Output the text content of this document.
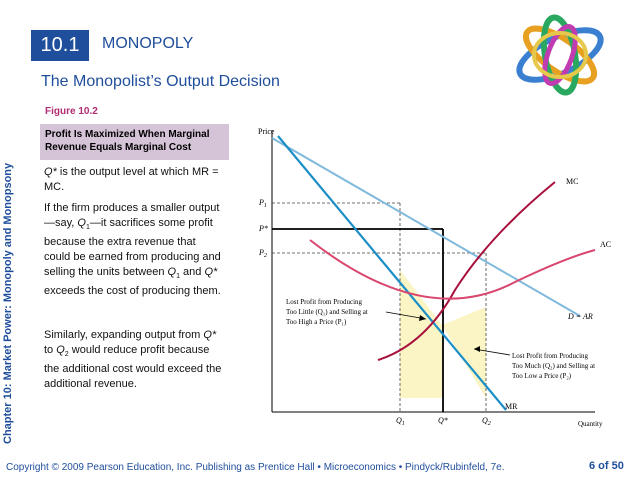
10.1	MONOPOLY
The Monopolist’s Output Decision
Chapter 10: Market Power: Monopoly and Monopsony
Figure 10.2
Profit Is Maximized When Marginal Revenue Equals Marginal Cost
Q* is the output level at which MR = MC.
If the firm produces a smaller output—say, $Q_1—it$ sacrifices some profit because the extra revenue that could be earned from producing and selling the units between $Q_1$ and Q* exceeds the cost of producing them.
Similarly, expanding output from Q* to $Q_2$ would reduce profit because the additional cost would exceed the additional revenue.
Price
Quantity
$P_1$
P*
$P_2$
$Q_1$	Q*	$Q_2$
MC
AC
MR
D = AR
Lost Profit from Producing Too Little (Q₁) and Selling at Too High a Price (P₁)
Lost Profit from Producing Too Much (Q₂) and Selling at Too Low a Price (P₂)
Copyright © 2009 Pearson Education, Inc. Publishing as Prentice Hall • Microeconomics • Pindyck/Rubinfeld, 7e.	6 of 50
